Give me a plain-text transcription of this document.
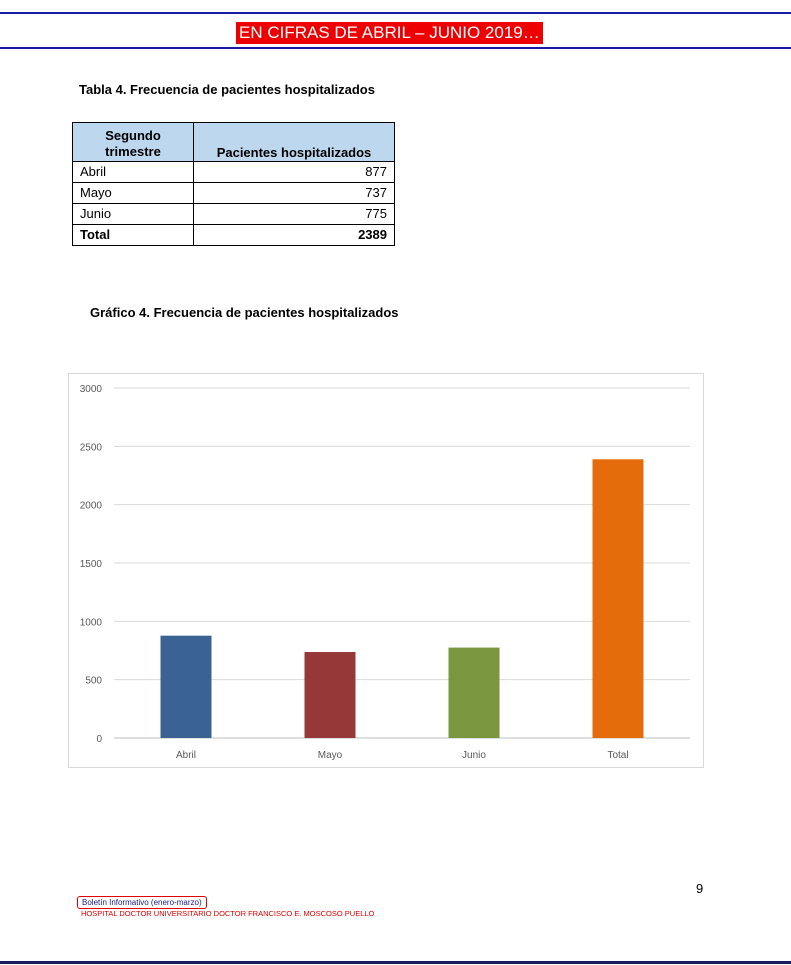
EN CIFRAS DE ABRIL – JUNIO 2019…
Tabla 4. Frecuencia de pacientes hospitalizados
Segundo trimestre	Pacientes hospitalizados
Abril	877
Mayo	737
Junio	775
Total	2389
Gráfico 4. Frecuencia de pacientes hospitalizados
0
500
1000
1500
2000
2500
3000
Abril	Mayo	Junio	Total
9
Boletín Informativo (enero-marzo)
HOSPITAL DOCTOR UNIVERSITARIO DOCTOR FRANCISCO E. MOSCOSO PUELLO
